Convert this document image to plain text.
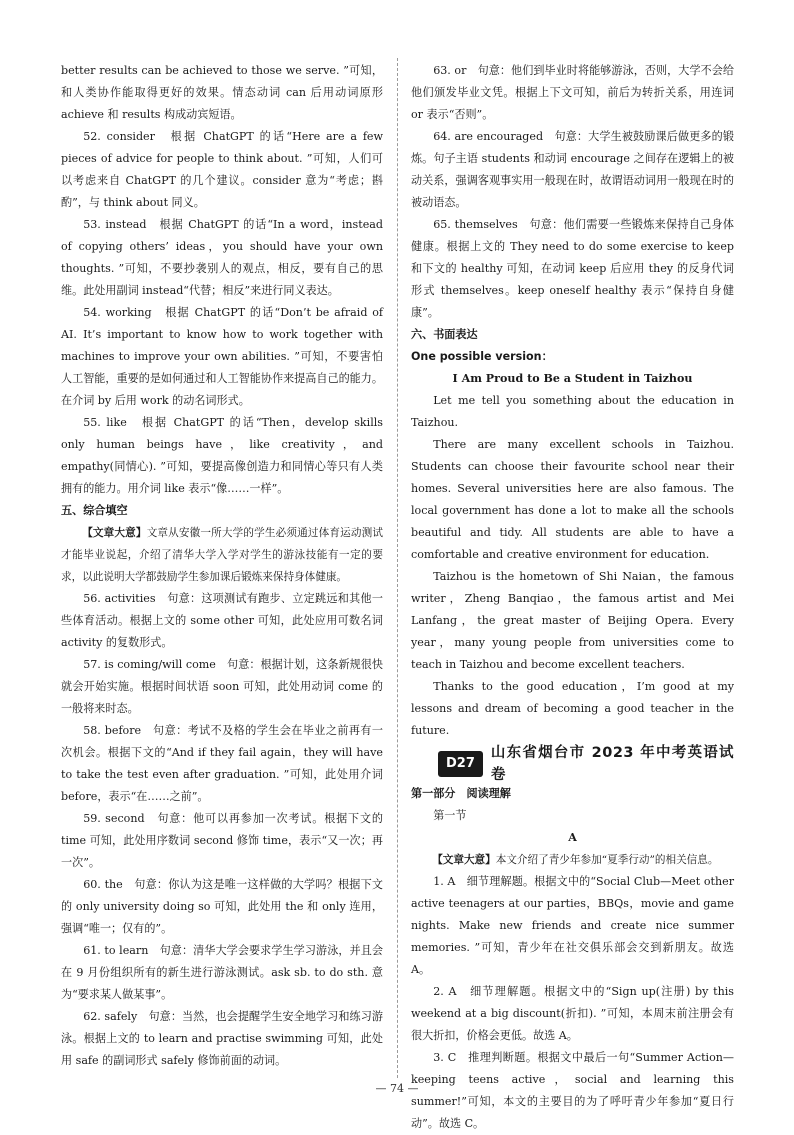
better results can be achieved to those we serve. ”可知，和人类协作能取得更好的效果。情态动词 can 后用动词原形 achieve 和 results 构成动宾短语。

52. consider　根据 ChatGPT 的话“Here are a few pieces of advice for people to think about. ”可知，人们可以考虑来自 ChatGPT 的几个建议。consider 意为“考虑；斟酌”，与 think about 同义。

53. instead　根据 ChatGPT 的话“In a word，instead of copying others’ ideas，you should have your own thoughts. ”可知，不要抄袭别人的观点，相反，要有自己的思维。此处用副词 instead“代替；相反”来进行同义表达。

54. working　根据 ChatGPT 的话“Don’t be afraid of AI. It’s important to know how to work together with machines to improve your own abilities. ”可知，不要害怕人工智能，重要的是如何通过和人工智能协作来提高自己的能力。在介词 by 后用 work 的动名词形式。

55. like　根据 ChatGPT 的话“Then，develop skills only human beings have，like creativity，and empathy(同情心). ”可知，要提高像创造力和同情心等只有人类拥有的能力。用介词 like 表示“像……一样”。

五、综合填空

【文章大意】文章从安徽一所大学的学生必须通过体育运动测试才能毕业说起，介绍了清华大学入学对学生的游泳技能有一定的要求，以此说明大学都鼓励学生参加课后锻炼来保持身体健康。

56. activities　句意：这项测试有跑步、立定跳远和其他一些体育活动。根据上文的 some other 可知，此处应用可数名词 activity 的复数形式。

57. is coming/will come　句意：根据计划，这条新规很快就会开始实施。根据时间状语 soon 可知，此处用动词 come 的一般将来时态。

58. before　句意：考试不及格的学生会在毕业之前再有一次机会。根据下文的“And if they fail again，they will have to take the test even after graduation. ”可知，此处用介词 before，表示“在……之前”。

59. second　句意：他可以再参加一次考试。根据下文的 time 可知，此处用序数词 second 修饰 time，表示“又一次；再一次”。

60. the　句意：你认为这是唯一这样做的大学吗？根据下文的 only university doing so 可知，此处用 the 和 only 连用，强调“唯一；仅有的”。

61. to learn　句意：清华大学会要求学生学习游泳，并且会在 9 月份组织所有的新生进行游泳测试。ask sb. to do sth. 意为“要求某人做某事”。

62. safely　句意：当然，也会提醒学生安全地学习和练习游泳。根据上文的 to learn and practise swimming 可知，此处用 safe 的副词形式 safely 修饰前面的动词。

63. or　句意：他们到毕业时将能够游泳，否则，大学不会给他们颁发毕业文凭。根据上下文可知，前后为转折关系，用连词 or 表示“否则”。

64. are encouraged　句意：大学生被鼓励课后做更多的锻炼。句子主语 students 和动词 encourage 之间存在逻辑上的被动关系，强调客观事实用一般现在时，故谓语动词用一般现在时的被动语态。

65. themselves　句意：他们需要一些锻炼来保持自己身体健康。根据上文的 They need to do some exercise to keep 和下文的 healthy 可知，在动词 keep 后应用 they 的反身代词形式 themselves。keep oneself healthy 表示“保持自身健康”。

六、书面表达

One possible version：

I Am Proud to Be a Student in Taizhou

Let me tell you something about the education in Taizhou.

There are many excellent schools in Taizhou. Students can choose their favourite school near their homes. Several universities here are also famous. The local government has done a lot to make all the schools beautiful and tidy. All students are able to have a comfortable and creative environment for education.

Taizhou is the hometown of Shi Naian，the famous writer，Zheng Banqiao，the famous artist and Mei Lanfang，the great master of Beijing Opera. Every year，many young people from universities come to teach in Taizhou and become excellent teachers.

Thanks to the good education，I’m good at my lessons and dream of becoming a good teacher in the future.

D27
山东省烟台市 2023 年中考英语试卷

第一部分　阅读理解

第一节

A

【文章大意】本文介绍了青少年参加“夏季行动”的相关信息。

1. A　细节理解题。根据文中的“Social Club—Meet other active teenagers at our parties，BBQs，movie and game nights. Make new friends and create nice summer memories. ”可知，青少年在社交俱乐部会交到新朋友。故选 A。

2. A　细节理解题。根据文中的“Sign up(注册) by this weekend at a big discount(折扣). ”可知，本周末前注册会有很大折扣，价格会更低。故选 A。

3. C　推理判断题。根据文中最后一句“Summer Action—keeping teens active，social and learning this summer!”可知，本文的主要目的为了呼吁青少年参加“夏日行动”。故选 C。

— 74 —
